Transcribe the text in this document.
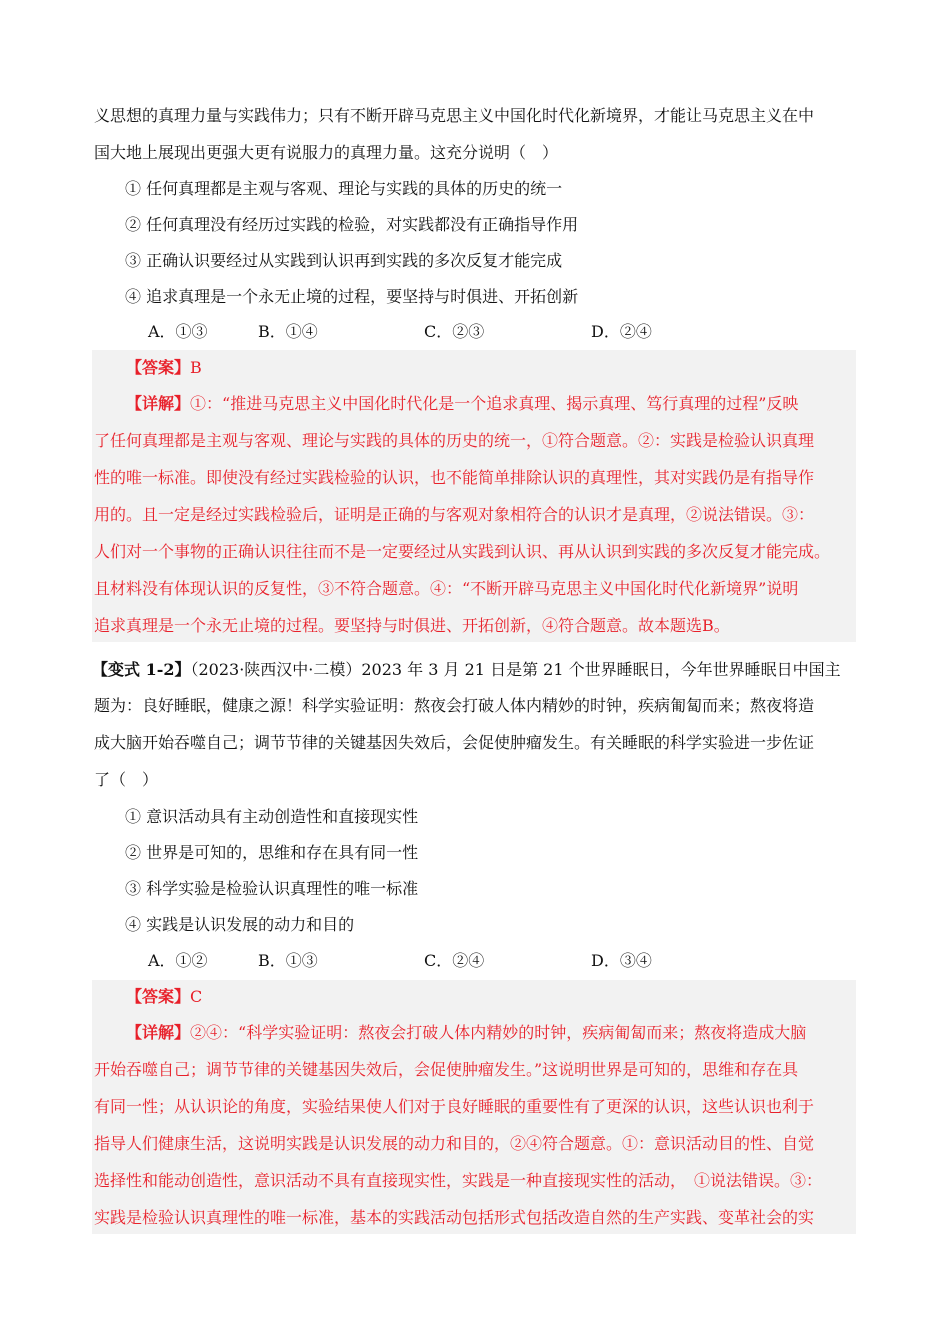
义思想的真理力量与实践伟力；只有不断开辟马克思主义中国化时代化新境界，才能让马克思主义在中
国大地上展现出更强大更有说服力的真理力量。这充分说明（　）
① 任何真理都是主观与客观、理论与实践的具体的历史的统一
② 任何真理没有经历过实践的检验，对实践都没有正确指导作用
③ 正确认识要经过从实践到认识再到实践的多次反复才能完成
④ 追求真理是一个永无止境的过程，要坚持与时俱进、开拓创新
A．①③	B．①④	C．②③	D．②④
【答案】B
【详解】①：“推进马克思主义中国化时代化是一个追求真理、揭示真理、笃行真理的过程”反映
了任何真理都是主观与客观、理论与实践的具体的历史的统一，①符合题意。②：实践是检验认识真理
性的唯一标准。即使没有经过实践检验的认识，也不能简单排除认识的真理性，其对实践仍是有指导作
用的。且一定是经过实践检验后，证明是正确的与客观对象相符合的认识才是真理，②说法错误。③：
人们对一个事物的正确认识往往而不是一定要经过从实践到认识、再从认识到实践的多次反复才能完成。
且材料没有体现认识的反复性，③不符合题意。④：“不断开辟马克思主义中国化时代化新境界”说明
追求真理是一个永无止境的过程。要坚持与时俱进、开拓创新，④符合题意。故本题选B。
【变式 1-2】（2023·陕西汉中·二模）2023 年 3 月 21 日是第 21 个世界睡眠日，今年世界睡眠日中国主
题为：良好睡眠，健康之源！科学实验证明：熬夜会打破人体内精妙的时钟，疾病匍匐而来；熬夜将造
成大脑开始吞噬自己；调节节律的关键基因失效后，会促使肿瘤发生。有关睡眠的科学实验进一步佐证
了（　）
① 意识活动具有主动创造性和直接现实性
② 世界是可知的，思维和存在具有同一性
③ 科学实验是检验认识真理性的唯一标准
④ 实践是认识发展的动力和目的
A．①②	B．①③	C．②④	D．③④
【答案】C
【详解】②④：“科学实验证明：熬夜会打破人体内精妙的时钟，疾病匍匐而来；熬夜将造成大脑
开始吞噬自己；调节节律的关键基因失效后，会促使肿瘤发生。”这说明世界是可知的，思维和存在具
有同一性；从认识论的角度，实验结果使人们对于良好睡眠的重要性有了更深的认识，这些认识也利于
指导人们健康生活，这说明实践是认识发展的动力和目的，②④符合题意。①：意识活动目的性、自觉
选择性和能动创造性，意识活动不具有直接现实性，实践是一种直接现实性的活动，　①说法错误。③：
实践是检验认识真理性的唯一标准，基本的实践活动包括形式包括改造自然的生产实践、变革社会的实
